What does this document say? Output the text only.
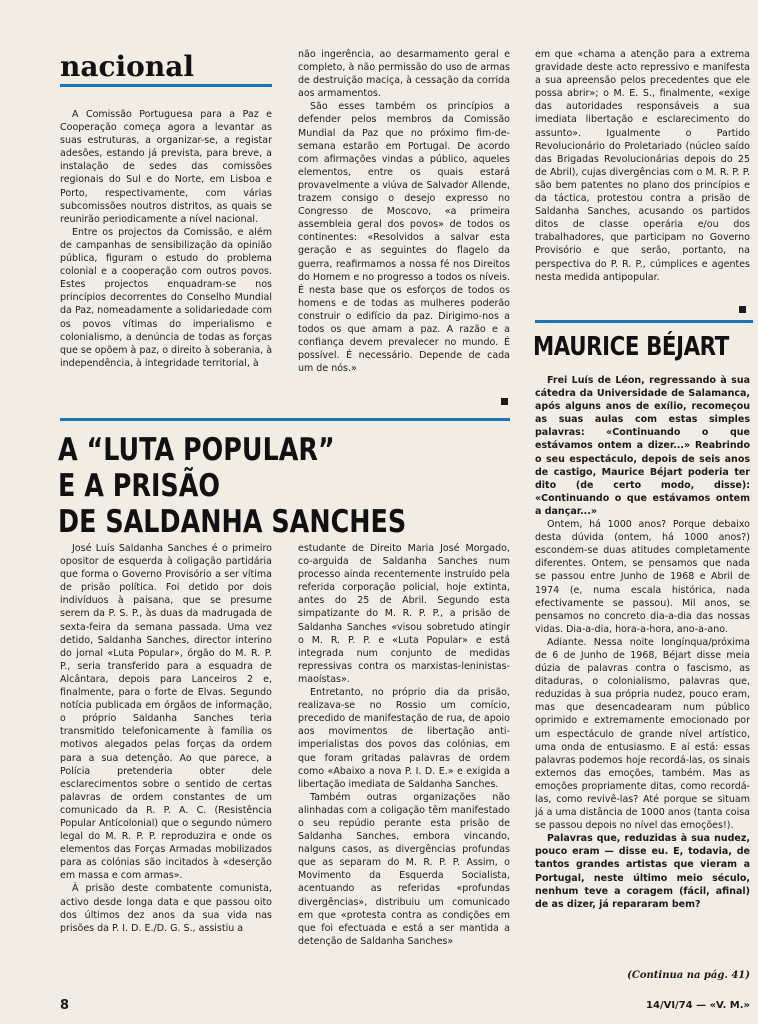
nacional

A Comissão Portuguesa para a Paz e Cooperação começa agora a levantar as suas estruturas, a organizar-se, a registar adesões, estando já prevista, para breve, a instalação de sedes das comissões regionais do Sul e do Norte, em Lisboa e Porto, respectivamente, com várias subcomissões noutros distritos, as quais se reunirão periodicamente a nível nacional.

Entre os projectos da Comissão, e além de campanhas de sensibilização da opinião pública, figuram o estudo do problema colonial e a cooperação com outros povos. Estes projectos enquadram-se nos princípios decorrentes do Conselho Mundial da Paz, nomeadamente a solidariedade com os povos vítimas do imperialismo e colonialismo, a denúncia de todas as forças que se opõem à paz, o direito à soberania, à independência, à integridade territorial, à

não ingerência, ao desarmamento geral e completo, à não permissão do uso de armas de destruição maciça, à cessação da corrida aos armamentos.

São esses também os princípios a defender pelos membros da Comissão Mundial da Paz que no próximo fim-de-semana estarão em Portugal. De acordo com afirmações vindas a público, aqueles elementos, entre os quais estará provavelmente a viúva de Salvador Allende, trazem consigo o desejo expresso no Congresso de Moscovo, «a primeira assembleia geral dos povos» de todos os continentes: «Resolvidos a salvar esta geração e as seguintes do flagelo da guerra, reafirmamos a nossa fé nos Direitos do Homem e no progresso a todos os níveis. É nesta base que os esforços de todos os homens e de todas as mulheres poderão construir o edifício da paz. Dirigimo-nos a todos os que amam a paz. A razão e a confiança devem prevalecer no mundo. É possível. É necessário. Depende de cada um de nós.»

em que «chama a atenção para a extrema gravidade deste acto repressivo e manifesta a sua apreensão pelos precedentes que ele possa abrir»; o M. E. S., finalmente, «exige das autoridades responsáveis a sua imediata libertação e esclarecimento do assunto». Igualmente o Partido Revolucionário do Proletariado (núcleo saído das Brigadas Revolucionárias depois do 25 de Abril), cujas divergências com o M. R. P. P. são bem patentes no plano dos princípios e da táctica, protestou contra a prisão de Saldanha Sanches, acusando os partidos ditos de classe operária e/ou dos trabalhadores, que participam no Governo Provisório e que serão, portanto, na perspectiva do P. R. P., cúmplices e agentes nesta medida antipopular.

MAURICE BÉJART

Frei Luís de Léon, regressando à sua cátedra da Universidade de Salamanca, após alguns anos de exílio, recomeçou as suas aulas com estas simples palavras: «Continuando o que estávamos ontem a dizer...» Reabrindo o seu espectáculo, depois de seis anos de castigo, Maurice Béjart poderia ter dito (de certo modo, disse): «Continuando o que estávamos ontem a dançar...»

Ontem, há 1000 anos? Porque debaixo desta dúvida (ontem, há 1000 anos?) escondem-se duas atitudes completamente diferentes. Ontem, se pensamos que nada se passou entre Junho de 1968 e Abril de 1974 (e, numa escala histórica, nada efectivamente se passou). Mil anos, se pensamos no concreto dia-a-dia das nossas vidas. Dia-a-dia, hora-a-hora, ano-a-ano.

Adiante. Nessa noite longínqua/próxima de 6 de Junho de 1968, Béjart disse meia dúzia de palavras contra o fascismo, as ditaduras, o colonialismo, palavras que, reduzidas à sua própria nudez, pouco eram, mas que desencadearam num público oprimido e extremamente emocionado por um espectáculo de grande nível artístico, uma onda de entusiasmo. E aí está: essas palavras podemos hoje recordá-las, os sinais externos das emoções, também. Mas as emoções propriamente ditas, como recordá-las, como revivê-las? Até porque se situam já a uma distância de 1000 anos (tanta coisa se passou depois no nível das emoções!).

Palavras que, reduzidas à sua nudez, pouco eram — disse eu. E, todavia, de tantos grandes artistas que vieram a Portugal, neste último meio século, nenhum teve a coragem (fácil, afinal) de as dizer, já repararam bem?

(Continua na pág. 41)
A “LUTA POPULAR”
E A PRISÃO
DE SALDANHA SANCHES

José Luís Saldanha Sanches é o primeiro opositor de esquerda à coligação partidária que forma o Governo Provisório a ser vítima de prisão política. Foi detido por dois indivíduos à paisana, que se presume serem da P. S. P., às duas da madrugada de sexta-feira da semana passada. Uma vez detido, Saldanha Sanches, director interino do jornal «Luta Popular», órgão do M. R. P. P., seria transferido para a esquadra de Alcântara, depois para Lanceiros 2 e, finalmente, para o forte de Elvas. Segundo notícia publicada em órgãos de informação, o próprio Saldanha Sanches teria transmitido telefonicamente à família os motivos alegados pelas forças da ordem para a sua detenção. Ao que parece, a Polícia pretenderia obter dele esclarecimentos sobre o sentido de certas palavras de ordem constantes de um comunicado da R. P. A. C. (Resistência Popular Anticolonial) que o segundo número legal do M. R. P. P. reproduzira e onde os elementos das Forças Armadas mobilizados para as colónias são incitados à «deserção em massa e com armas».

À prisão deste combatente comunista, activo desde longa data e que passou oito dos últimos dez anos da sua vida nas prisões da P. I. D. E./D. G. S., assistiu a

estudante de Direito Maria José Morgado, co-arguida de Saldanha Sanches num processo ainda recentemente instruído pela referida corporação policial, hoje extinta, antes do 25 de Abril. Segundo esta simpatizante do M. R. P. P., a prisão de Saldanha Sanches «visou sobretudo atingir o M. R. P. P. e «Luta Popular» e está integrada num conjunto de medidas repressivas contra os marxistas-leninistas-maoístas».

Entretanto, no próprio dia da prisão, realizava-se no Rossio um comício, precedido de manifestação de rua, de apoio aos movimentos de libertação anti-imperialistas dos povos das colónias, em que foram gritadas palavras de ordem como «Abaixo a nova P. I. D. E.» e exigida a libertação imediata de Saldanha Sanches.

Também outras organizações não alinhadas com a coligação têm manifestado o seu repúdio perante esta prisão de Saldanha Sanches, embora vincando, nalguns casos, as divergências profundas que as separam do M. R. P. P. Assim, o Movimento da Esquerda Socialista, acentuando as referidas «profundas divergências», distribuiu um comunicado em que «protesta contra as condições em que foi efectuada e está a ser mantida a detenção de Saldanha Sanches»

8	14/VI/74 — «V. M.»
